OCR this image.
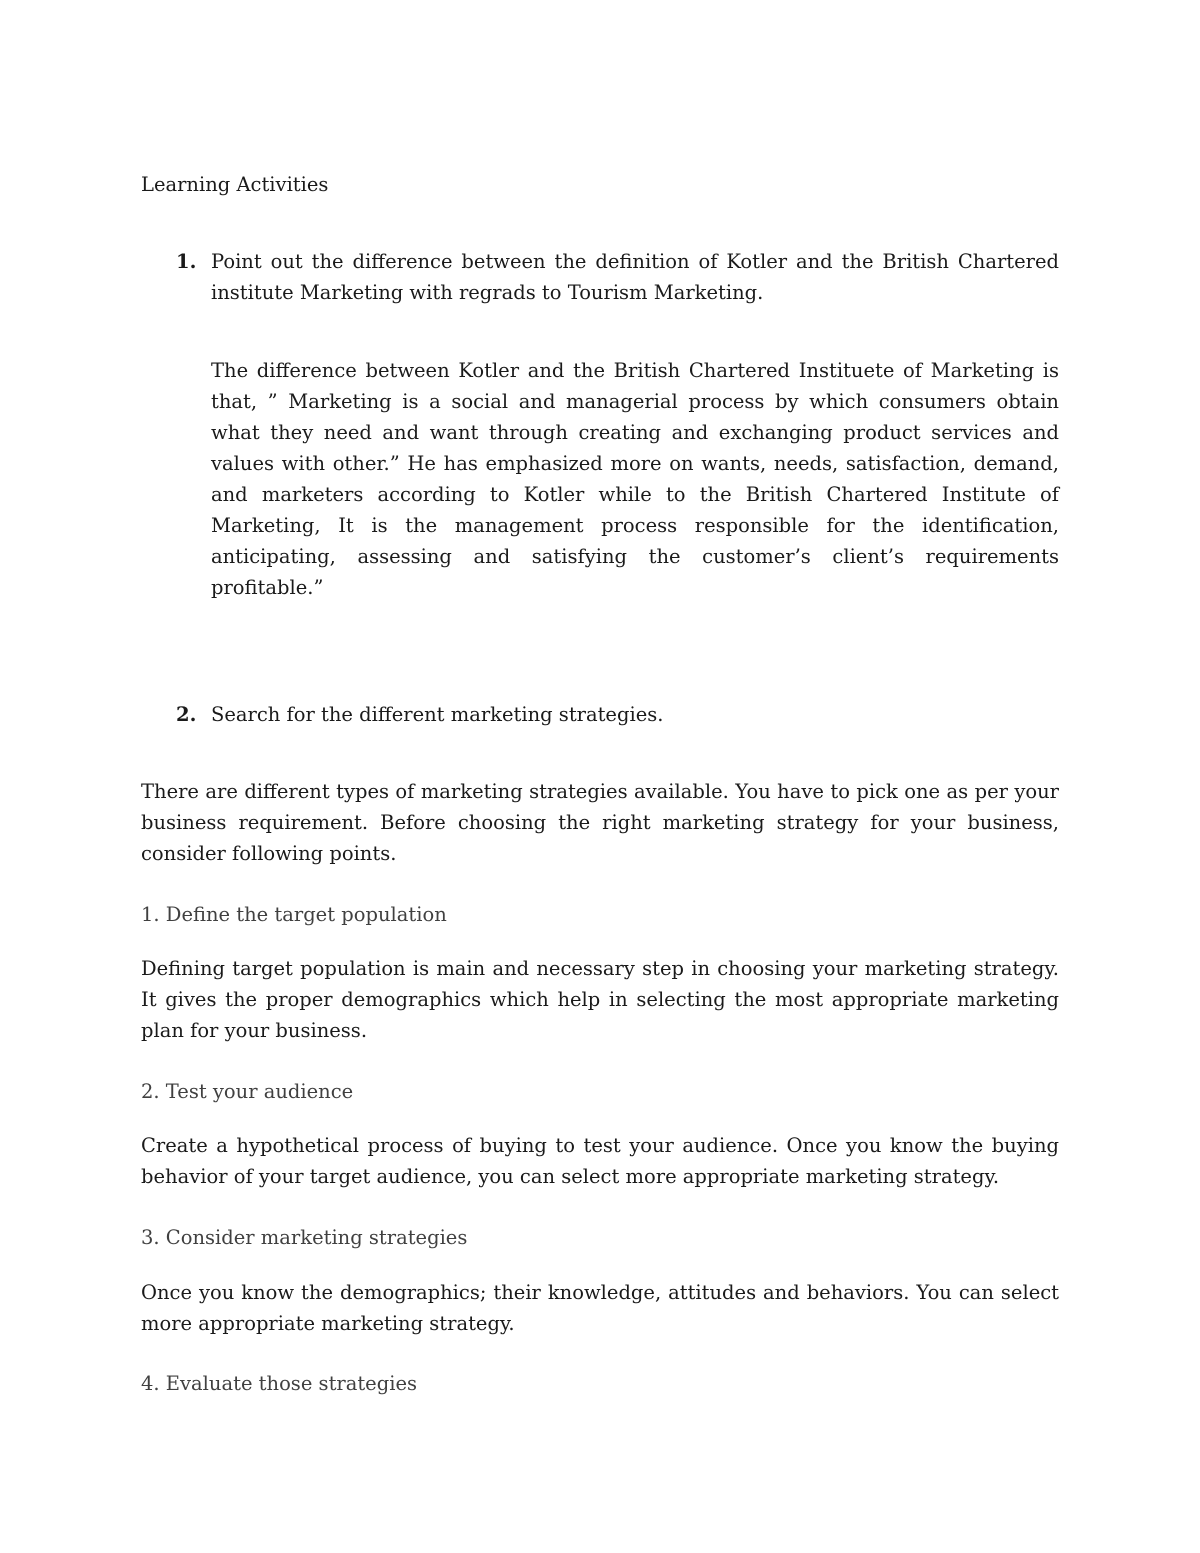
Learning Activities
1. Point out the difference between the definition of Kotler and the British Chartered institute Marketing with regrads to Tourism Marketing.
The difference between Kotler and the British Chartered Instituete of Marketing is that, ” Marketing is a social and managerial process by which consumers obtain what they need and want through creating and exchanging product services and values with other.” He has emphasized more on wants, needs, satisfaction, demand, and marketers according to Kotler while to the British Chartered Institute of Marketing, It is the management process responsible for the identification, anticipating, assessing and satisfying the customer’s client’s requirements profitable.”
2. Search for the different marketing strategies.
There are different types of marketing strategies available. You have to pick one as per your business requirement. Before choosing the right marketing strategy for your business, consider following points.
1. Define the target population
Defining target population is main and necessary step in choosing your marketing strategy. It gives the proper demographics which help in selecting the most appropriate marketing plan for your business.
2. Test your audience
Create a hypothetical process of buying to test your audience. Once you know the buying behavior of your target audience, you can select more appropriate marketing strategy.
3. Consider marketing strategies
Once you know the demographics; their knowledge, attitudes and behaviors. You can select more appropriate marketing strategy.
4. Evaluate those strategies
